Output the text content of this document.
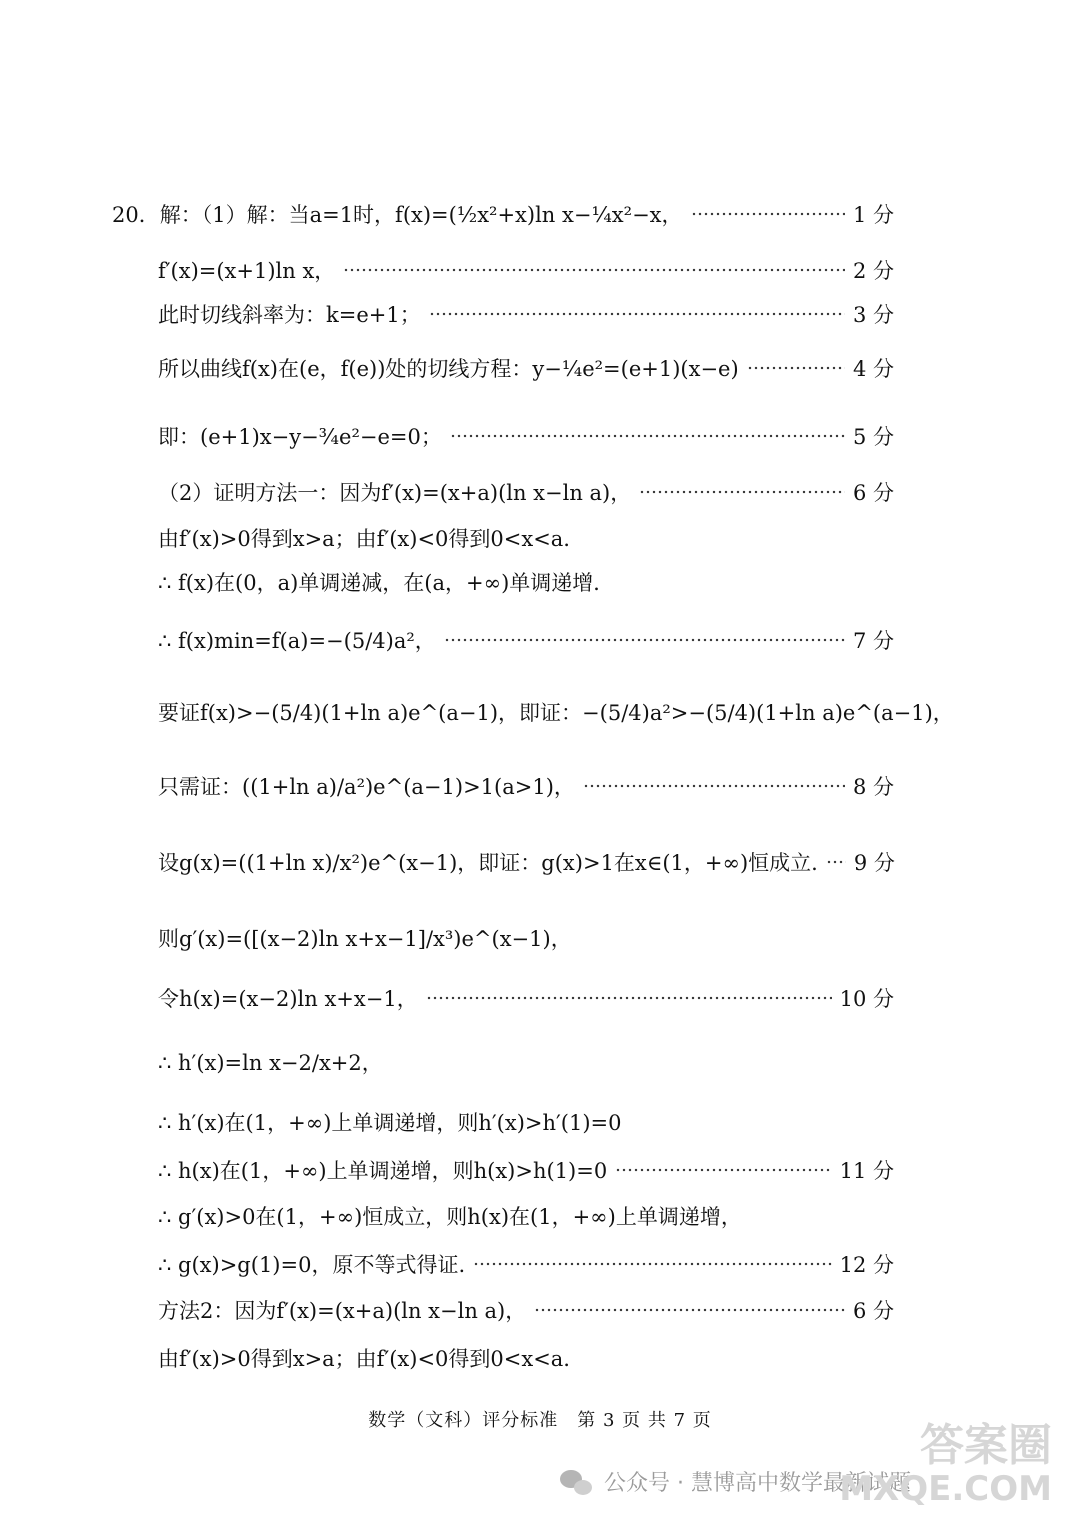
20．解：（1）解：当a=1时，f(x)=(½x²+x)ln x−¼x²−x，	1 分
f′(x)=(x+1)ln x，	2 分
此时切线斜率为：k=e+1；	3 分
所以曲线f(x)在(e，f(e))处的切线方程：y−¼e²=(e+1)(x−e)	4 分
即：(e+1)x−y−¾e²−e=0；	5 分
（2）证明方法一：因为f′(x)=(x+a)(ln x−ln a)，	6 分
由f′(x)>0得到x>a；由f′(x)<0得到0<x<a．
∴ f(x)在(0，a)单调递减，在(a，+∞)单调递增．
∴ f(x)min=f(a)=−(5/4)a²，	7 分
要证f(x)>−(5/4)(1+ln a)e^(a−1)，即证：−(5/4)a²>−(5/4)(1+ln a)e^(a−1)，
只需证：((1+ln a)/a²)e^(a−1)>1(a>1)，	8 分
设g(x)=((1+ln x)/x²)e^(x−1)，即证：g(x)>1在x∈(1，+∞)恒成立. 9 分
则g′(x)=([(x−2)ln x+x−1]/x³)e^(x−1)，
令h(x)=(x−2)ln x+x−1，	10 分
∴ h′(x)=ln x−2/x+2，
∴ h′(x)在(1，+∞)上单调递增，则h′(x)>h′(1)=0
∴ h(x)在(1，+∞)上单调递增，则h(x)>h(1)=0	11 分
∴ g′(x)>0在(1，+∞)恒成立，则h(x)在(1，+∞)上单调递增，
∴ g(x)>g(1)=0，原不等式得证.	12 分
方法2：因为f′(x)=(x+a)(ln x−ln a)，	6 分
由f′(x)>0得到x>a；由f′(x)<0得到0<x<a．
数学（文科）评分标准　第 3 页 共 7 页
公众号 · 慧博高中数学最新试题
答案圈
MXQE.COM
